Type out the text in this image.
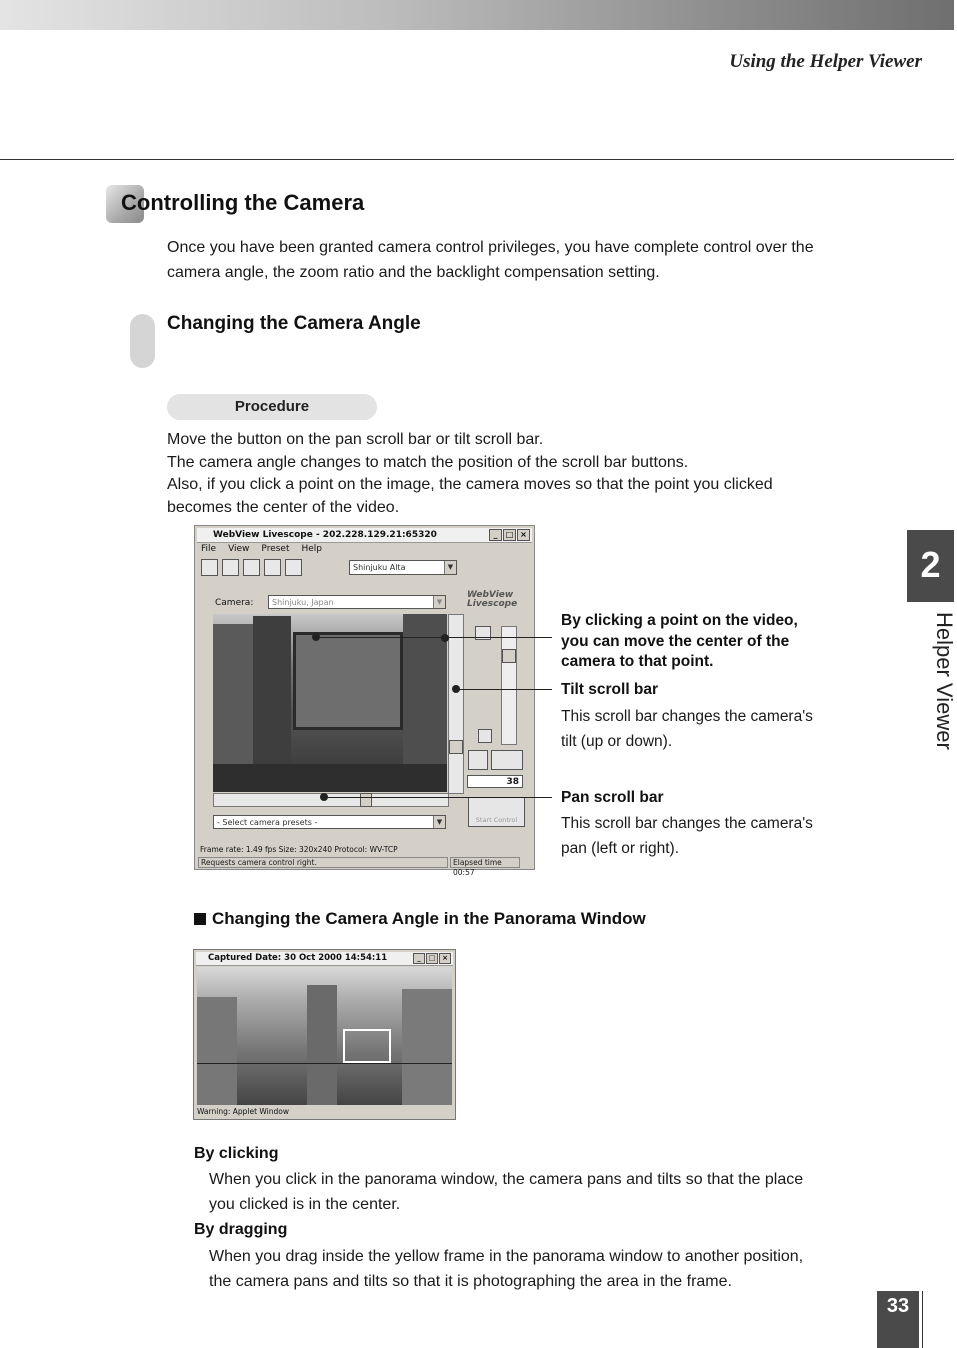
Using the Helper Viewer
Controlling the Camera
Once you have been granted camera control privileges, you have complete control over the
camera angle, the zoom ratio and the backlight compensation setting.
Changing the Camera Angle
Procedure
Move the button on the pan scroll bar or tilt scroll bar.
The camera angle changes to match the position of the scroll bar buttons.
Also, if you click a point on the image, the camera moves so that the point you clicked
becomes the center of the video.
WebView Livescope - 202.228.129.21:65320	_	□ ×
File View Preset Help
Shinjuku Alta	▼
Camera:	Shinjuku, Japan	▼
WebView
Livescope
38
Start Control
- Select camera presets -	▼
Frame rate: 1.49 fps Size: 320x240 Protocol: WV-TCP
Requests camera control right.	Elapsed time 00:57
By clicking a point on the video,
you can move the center of the
camera to that point.
Tilt scroll bar
This scroll bar changes the camera's
tilt (up or down).
Pan scroll bar
This scroll bar changes the camera's
pan (left or right).
Changing the Camera Angle in the Panorama Window
Captured Date: 30 Oct 2000 14:54:11	_	□ ×
Warning: Applet Window
By clicking
When you click in the panorama window, the camera pans and tilts so that the place
you clicked is in the center.
By dragging
When you drag inside the yellow frame in the panorama window to another position,
the camera pans and tilts so that it is photographing the area in the frame.
2
Helper Viewer
33
